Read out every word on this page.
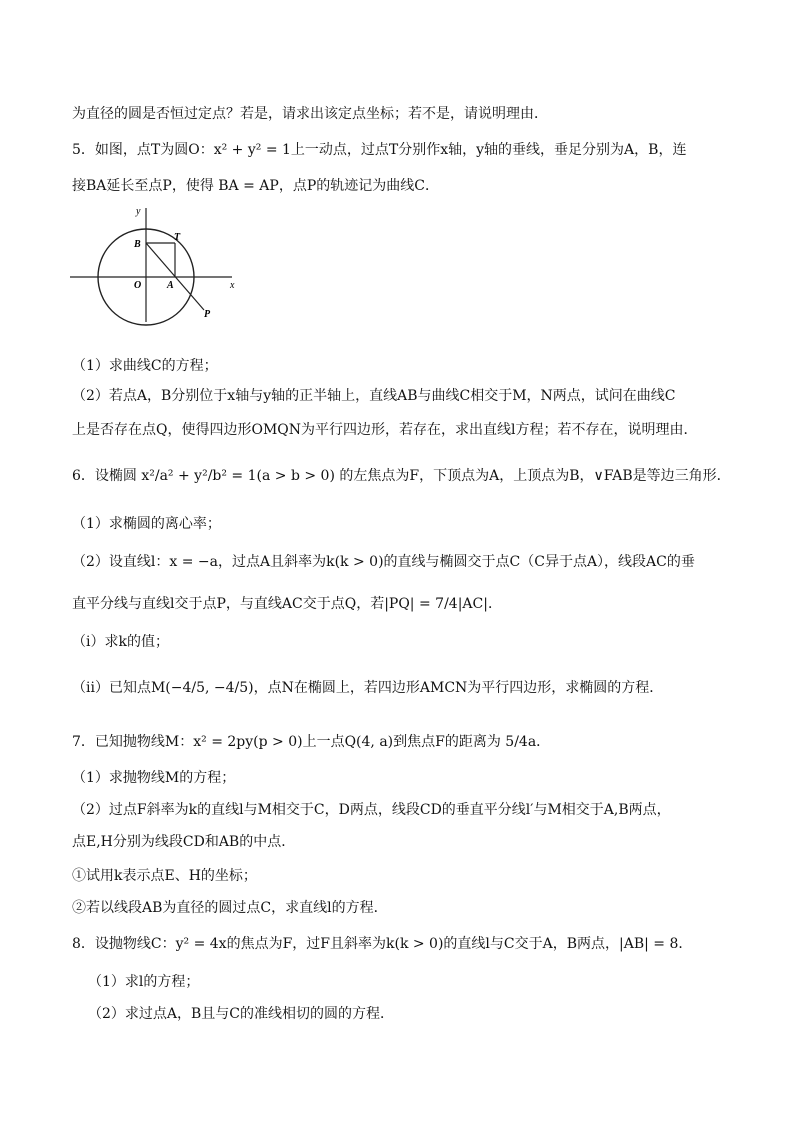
为直径的圆是否恒过定点？若是，请求出该定点坐标；若不是，请说明理由．
5．如图，点T为圆O：x² + y² = 1上一动点，过点T分别作x轴，y轴的垂线，垂足分别为A，B，连
接BA延长至点P，使得 BA = AP，点P的轨迹记为曲线C．
y
x
B
T
O	A
P
（1）求曲线C的方程；
（2）若点A，B分别位于x轴与y轴的正半轴上，直线AB与曲线C相交于M，N两点，试问在曲线C
上是否存在点Q，使得四边形OMQN为平行四边形，若存在，求出直线l方程；若不存在，说明理由．
6．设椭圆 x²/a² + y²/b² = 1(a > b > 0) 的左焦点为F，下顶点为A，上顶点为B，∨FAB是等边三角形．
（1）求椭圆的离心率；
（2）设直线l：x = −a，过点A且斜率为k(k > 0)的直线与椭圆交于点C（C异于点A），线段AC的垂
直平分线与直线l交于点P，与直线AC交于点Q，若|PQ| = 7/4|AC|．
（i）求k的值；
（ii）已知点M(−4/5, −4/5)，点N在椭圆上，若四边形AMCN为平行四边形，求椭圆的方程．
7．已知抛物线M：x² = 2py(p > 0)上一点Q(4, a)到焦点F的距离为 5/4a．
（1）求抛物线M的方程；
（2）过点F斜率为k的直线l与M相交于C，D两点，线段CD的垂直平分线l′与M相交于A,B两点，
点E,H分别为线段CD和AB的中点．
①试用k表示点E、H的坐标；
②若以线段AB为直径的圆过点C，求直线l的方程．
8．设抛物线C：y² = 4x的焦点为F，过F且斜率为k(k > 0)的直线l与C交于A，B两点，|AB| = 8．
（1）求l的方程；
（2）求过点A，B且与C的准线相切的圆的方程．
